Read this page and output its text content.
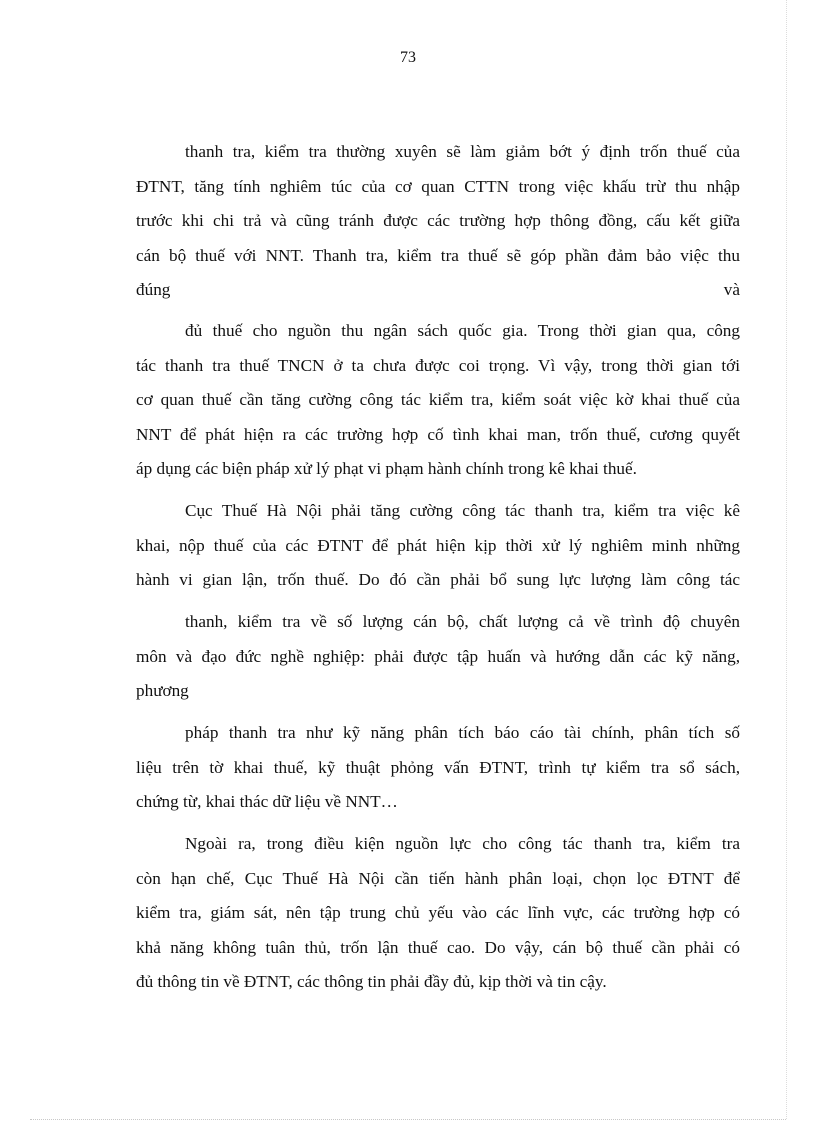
73
thanh tra, kiểm tra thường xuyên sẽ làm giảm bớt ý định trốn thuế của
ĐTNT, tăng tính nghiêm túc của cơ quan CTTN trong việc khấu trừ thu nhập
trước khi chi trả và cũng tránh được các trường hợp thông đồng, cấu kết giữa
cán bộ thuế với NNT. Thanh tra, kiểm tra thuế sẽ góp phần đảm bảo việc thu
đúng	và
đủ thuế cho nguồn thu ngân sách quốc gia. Trong thời gian qua, công
tác thanh tra thuế TNCN ở ta chưa được coi trọng. Vì vậy, trong thời gian tới
cơ quan thuế cần tăng cường công tác kiểm tra, kiểm soát việc kờ khai thuế của
NNT để phát hiện ra các trường hợp cố tình khai man, trốn thuế, cương quyết
áp dụng các biện pháp xử lý phạt vi phạm hành chính trong kê khai thuế.
Cục Thuế Hà Nội phải tăng cường công tác thanh tra, kiểm tra việc kê
khai, nộp thuế của các ĐTNT để phát hiện kịp thời xử lý nghiêm minh những
hành vi gian lận, trốn thuế. Do đó cần phải bổ sung lực lượng làm công tác
thanh, kiểm tra về số lượng cán bộ, chất lượng cả về trình độ chuyên
môn và đạo đức nghề nghiệp: phải được tập huấn và hướng dẫn các kỹ năng,
phương
pháp thanh tra như kỹ năng phân tích báo cáo tài chính, phân tích số
liệu trên tờ khai thuế, kỹ thuật phỏng vấn ĐTNT, trình tự kiểm tra sổ sách,
chứng từ, khai thác dữ liệu về NNT…
Ngoài ra, trong điều kiện nguồn lực cho công tác thanh tra, kiểm tra
còn hạn chế, Cục Thuế Hà Nội cần tiến hành phân loại, chọn lọc ĐTNT để
kiểm tra, giám sát, nên tập trung chủ yếu vào các lĩnh vực, các trường hợp có
khả năng không tuân thủ, trốn lận thuế cao. Do vậy, cán bộ thuế cần phải có
đủ thông tin về ĐTNT, các thông tin phải đầy đủ, kịp thời và tin cậy.
